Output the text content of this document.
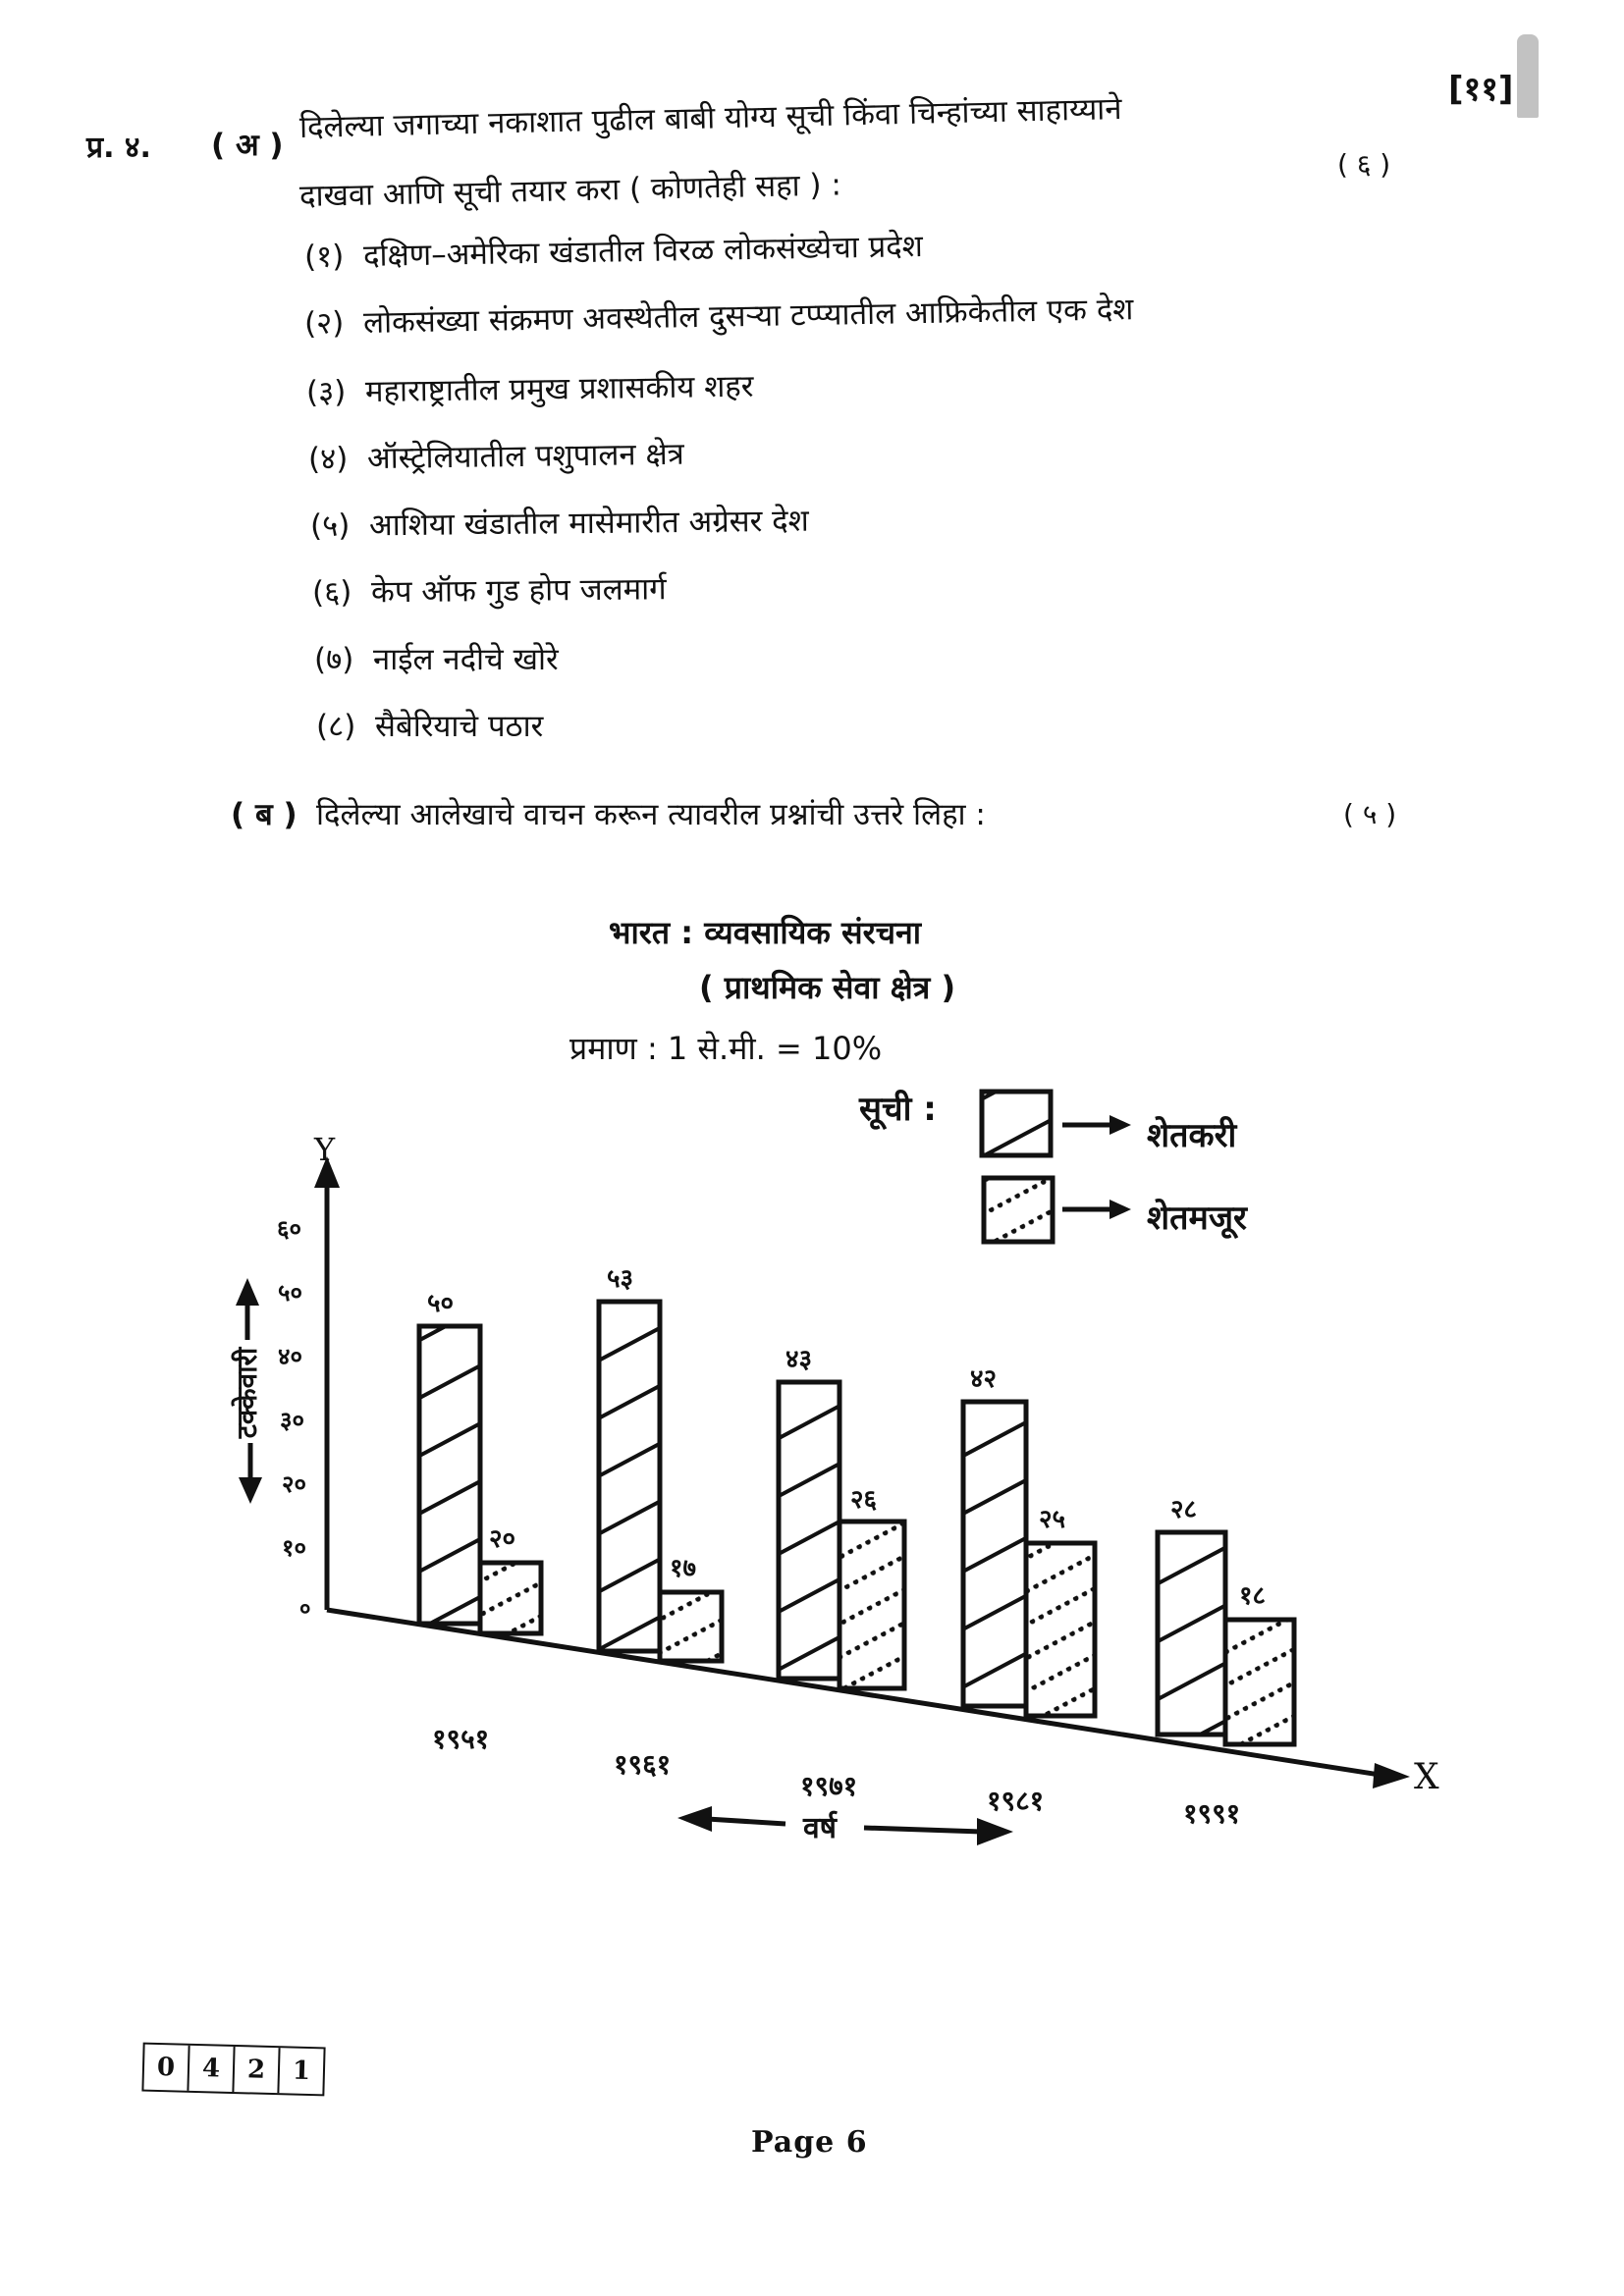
[११]
प्र. ४. ( अ )
दिलेल्या जगाच्या नकाशात पुढील बाबी योग्य सूची किंवा चिन्हांच्या साहाय्याने
दाखवा आणि सूची तयार करा ( कोणतेही सहा ) :
( ६ )
(१) दक्षिण–अमेरिका खंडातील विरळ लोकसंख्येचा प्रदेश
(२) लोकसंख्या संक्रमण अवस्थेतील दुसऱ्या टप्प्यातील आफ्रिकेतील एक देश
(३) महाराष्ट्रातील प्रमुख प्रशासकीय शहर
(४) ऑस्ट्रेलियातील पशुपालन क्षेत्र
(५) आशिया खंडातील मासेमारीत अग्रेसर देश
(६) केप ऑफ गुड होप जलमार्ग
(७) नाईल नदीचे खोरे
(८) सैबेरियाचे पठार
( ब ) दिलेल्या आलेखाचे वाचन करून त्यावरील प्रश्नांची उत्तरे लिहा :	( ५ )
भारत : व्यवसायिक संरचना
( प्राथमिक सेवा क्षेत्र )
प्रमाण : 1 से.मी. = 10%
सूची :
शेतकरी
शेतमजूर
Y
X
०
१०
२०
३०
४०
५०
६०
टक्केवारी
५०
२०
५३
१७
४३
२६
४२
२५	२८
१८
१९५१
१९६१
१९७१	१९८१	१९९१
वर्ष
0	4	2	1
Page 6
